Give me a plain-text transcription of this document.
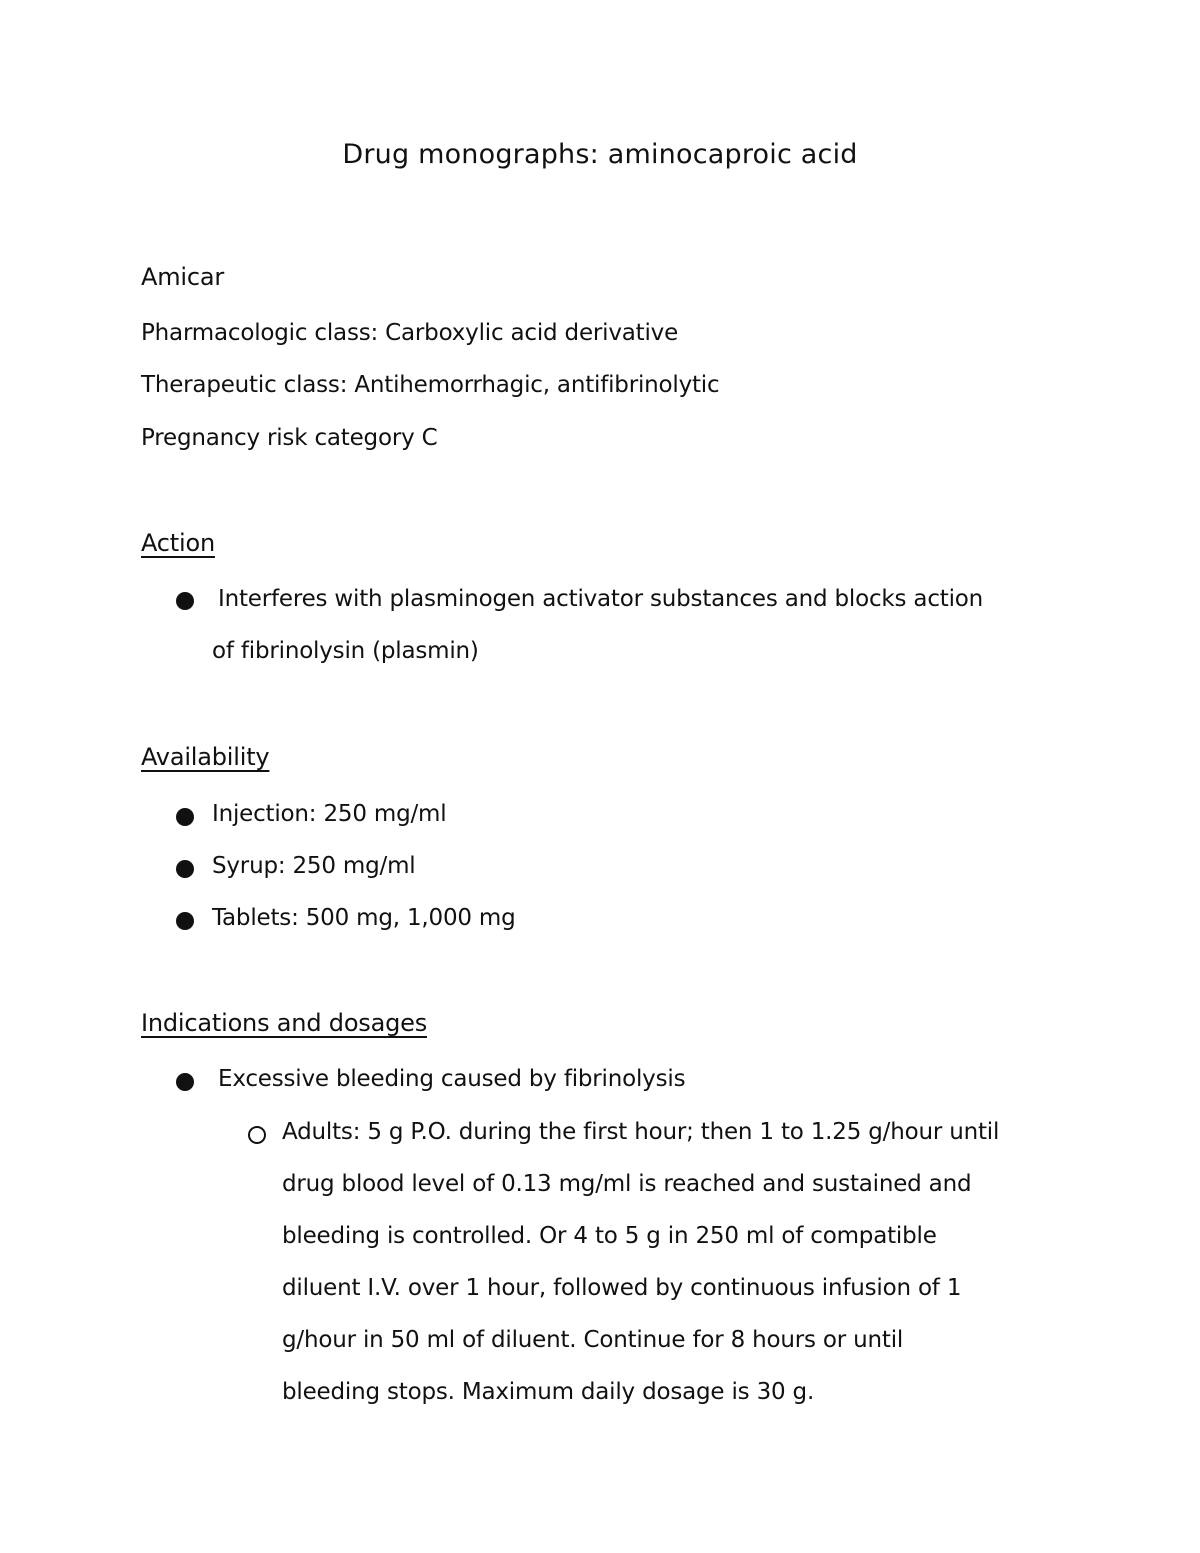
Drug monographs: aminocaproic acid
Amicar
Pharmacologic class: Carboxylic acid derivative
Therapeutic class: Antihemorrhagic, antifibrinolytic
Pregnancy risk category C
Action
Interferes with plasminogen activator substances and blocks action
of fibrinolysin (plasmin)
Availability
Injection: 250 mg/ml
Syrup: 250 mg/ml
Tablets: 500 mg, 1,000 mg
Indications and dosages
Excessive bleeding caused by fibrinolysis
Adults: 5 g P.O. during the first hour; then 1 to 1.25 g/hour until
drug blood level of 0.13 mg/ml is reached and sustained and
bleeding is controlled. Or 4 to 5 g in 250 ml of compatible
diluent I.V. over 1 hour, followed by continuous infusion of 1
g/hour in 50 ml of diluent. Continue for 8 hours or until
bleeding stops. Maximum daily dosage is 30 g.
